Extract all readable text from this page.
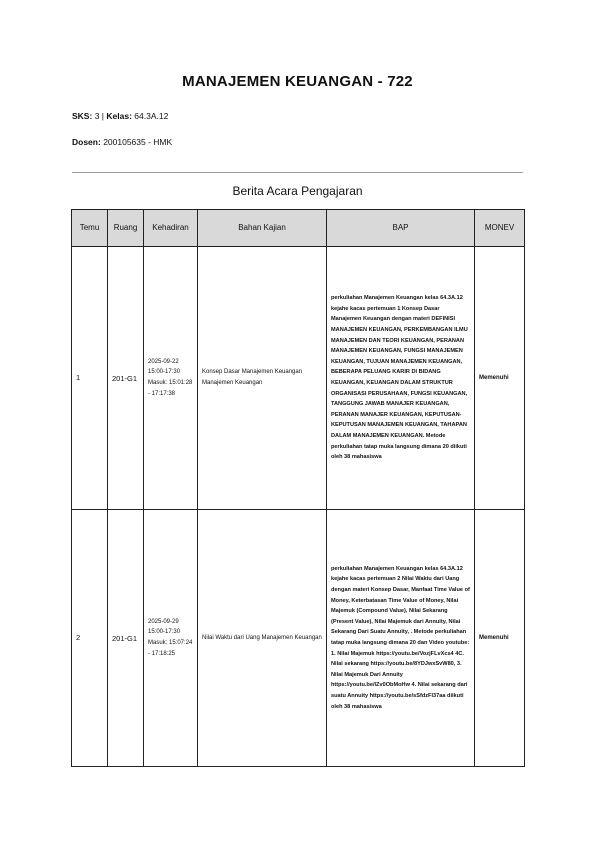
MANAJEMEN KEUANGAN - 722
SKS: 3 | Kelas: 64.3A.12
Dosen: 200105635 - HMK
Berita Acara Pengajaran
Temu	Ruang	Kehadiran	Bahan Kajian	BAP	MONEV
1	201-G1	2025-09-22 15:00-17:30 Masuk: 15:01:28 - 17:17:38	Konsep Dasar Manajemen Keuangan Manajemen Keuangan	perkuliahan Manajemen Keuangan kelas 64.3A.12 kejahe kacas pertemuan 1 Konsep Dasar Manajemen Keuangan dengan materi DEFINISI MANAJEMEN KEUANGAN, PERKEMBANGAN ILMU MANAJEMEN DAN TEORI KEUANGAN, PERANAN MANAJEMEN KEUANGAN, FUNGSI MANAJEMEN KEUANGAN, TUJUAN MANAJEMEN KEUANGAN, BEBERAPA PELUANG KARIR DI BIDANG KEUANGAN, KEUANGAN DALAM STRUKTUR ORGANISASI PERUSAHAAN, FUNGSI KEUANGAN, TANGGUNG JAWAB MANAJER KEUANGAN, PERANAN MANAJER KEUANGAN, KEPUTUSAN-KEPUTUSAN MANAJEMEN KEUANGAN, TAHAPAN DALAM MANAJEMEN KEUANGAN. Metode perkuliahan tatap muka langsung dimana 20 diikuti oleh 38 mahasiswa	Memenuhi
2	201-G1	2025-09-29 15:00-17:30 Masuk: 15:07:24 - 17:18:25	Nilai Waktu dari Uang Manajemen Keuangan	perkuliahan Manajemen Keuangan kelas 64.3A.12 kejahe kacas pertemuan 2 Nilai Waktu dari Uang dengan materi Konsep Dasar, Manfaat Time Value of Money, Keterbatasan Time Value of Money, Nilai Majemuk (Compound Value), Nilai Sekarang (Present Value), Nilai Majemuk dari Annuity, Nilai Sekarang Dari Suatu Annuity, . Metode perkuliahan tatap muka langsung dimana 20 dan Video youtube: 1. Nilai Majemuk https://youtu.be/VozjFLvXcs4 4C. Nilai sekarang https://youtu.be/8YDJwxSvW80, 3. Nilai Majemuk Dari Annuity https://youtu.be/lZv0ObMoHw 4. Nilai sekarang dari suatu Annuity https://youtu.be/sSfdzFl37aa diikuti oleh 38 mahasiswa	Memenuhi
